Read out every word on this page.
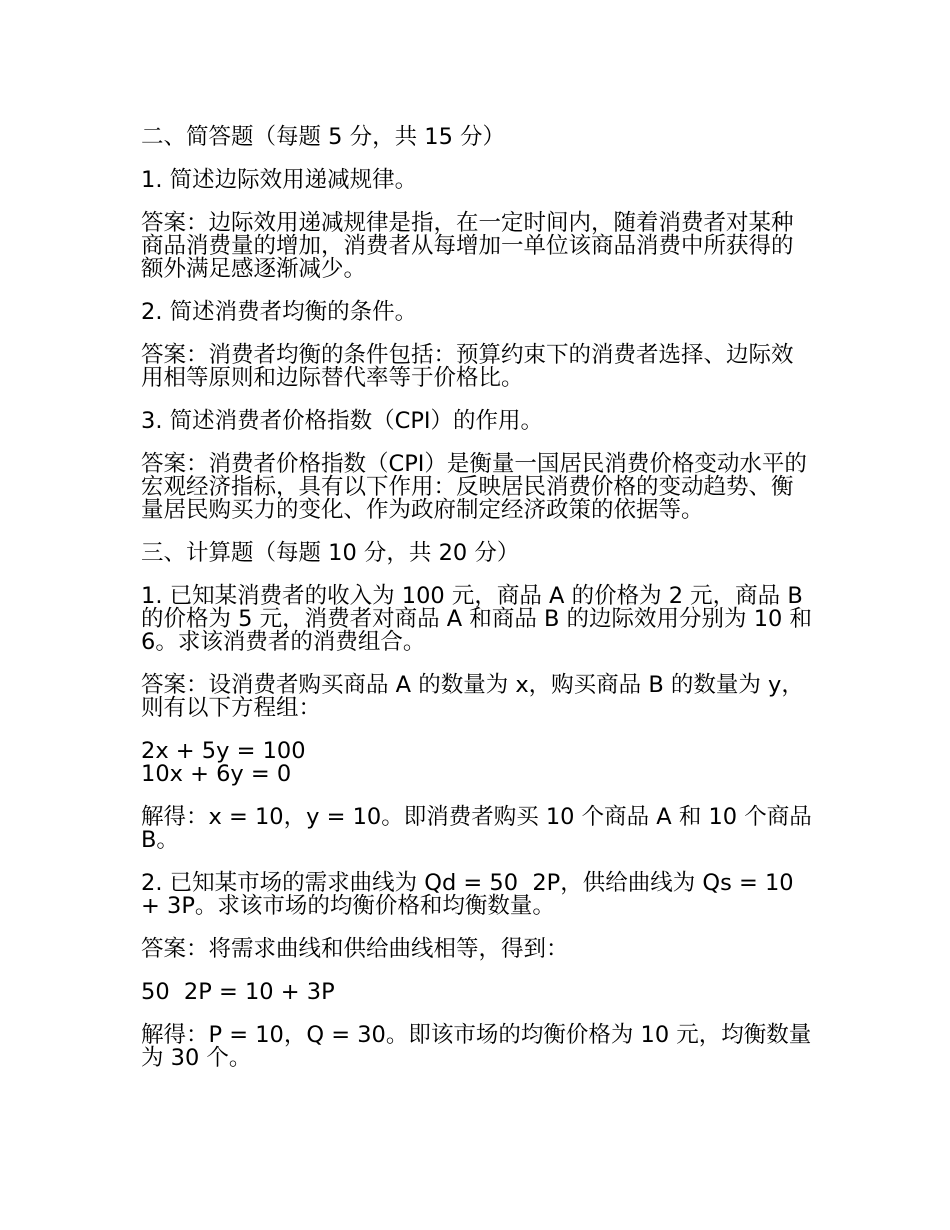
二、简答题（每题 5 分，共 15 分）

1. 简述边际效用递减规律。

答案：边际效用递减规律是指，在一定时间内，随着消费者对某种商品消费量的增加，消费者从每增加一单位该商品消费中所获得的额外满足感逐渐减少。

2. 简述消费者均衡的条件。

答案：消费者均衡的条件包括：预算约束下的消费者选择、边际效用相等原则和边际替代率等于价格比。

3. 简述消费者价格指数（CPI）的作用。

答案：消费者价格指数（CPI）是衡量一国居民消费价格变动水平的宏观经济指标，具有以下作用：反映居民消费价格的变动趋势、衡量居民购买力的变化、作为政府制定经济政策的依据等。

三、计算题（每题 10 分，共 20 分）

1. 已知某消费者的收入为 100 元，商品 A 的价格为 2 元，商品 B 的价格为 5 元，消费者对商品 A 和商品 B 的边际效用分别为 10 和 6。求该消费者的消费组合。

答案：设消费者购买商品 A 的数量为 x，购买商品 B 的数量为 y，则有以下方程组：

2x + 5y = 100
10x + 6y = 0

解得：x = 10，y = 10。即消费者购买 10 个商品 A 和 10 个商品 B。

2. 已知某市场的需求曲线为 Qd = 50  2P，供给曲线为 Qs = 10 + 3P。求该市场的均衡价格和均衡数量。

答案：将需求曲线和供给曲线相等，得到：

50  2P = 10 + 3P

解得：P = 10，Q = 30。即该市场的均衡价格为 10 元，均衡数量为 30 个。
